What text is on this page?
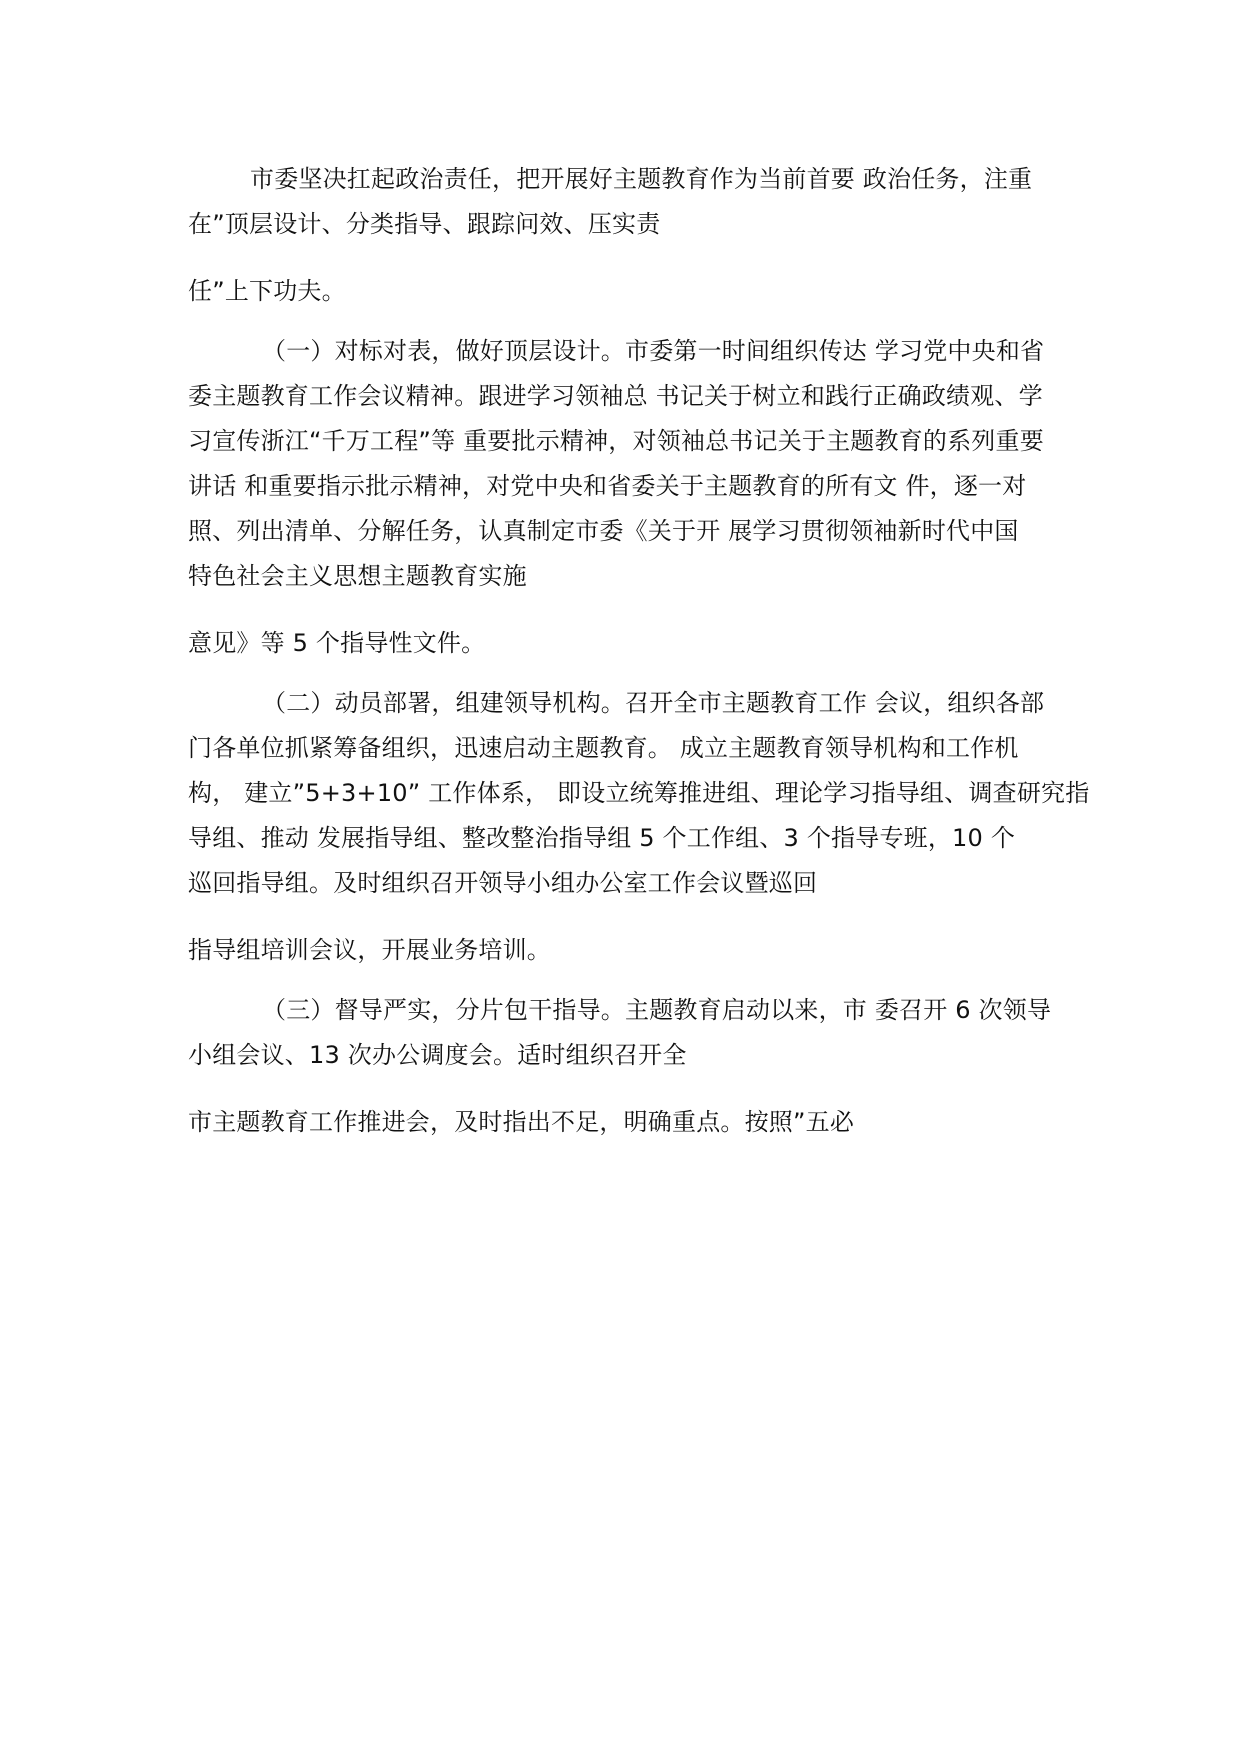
市委坚决扛起政治责任，把开展好主题教育作为当前首要 政治任务，注重
在”顶层设计、分类指导、跟踪问效、压实责
任”上下功夫。
（一）对标对表，做好顶层设计。市委第一时间组织传达 学习党中央和省
委主题教育工作会议精神。跟进学习领袖总 书记关于树立和践行正确政绩观、学
习宣传浙江“千万工程”等 重要批示精神，对领袖总书记关于主题教育的系列重要
讲话 和重要指示批示精神，对党中央和省委关于主题教育的所有文 件，逐一对
照、列出清单、分解任务，认真制定市委《关于开 展学习贯彻领袖新时代中国
特色社会主义思想主题教育实施
意见》等 5 个指导性文件。
（二）动员部署，组建领导机构。召开全市主题教育工作 会议，组织各部
门各单位抓紧筹备组织，迅速启动主题教育。 成立主题教育领导机构和工作机
构， 建立”5+3+10” 工作体系， 即设立统筹推进组、理论学习指导组、调查研究指
导组、推动 发展指导组、整改整治指导组 5 个工作组、3 个指导专班，10 个
巡回指导组。及时组织召开领导小组办公室工作会议暨巡回
指导组培训会议，开展业务培训。
（三）督导严实，分片包干指导。主题教育启动以来，市 委召开 6 次领导
小组会议、13 次办公调度会。适时组织召开全
市主题教育工作推进会，及时指出不足，明确重点。按照”五必
